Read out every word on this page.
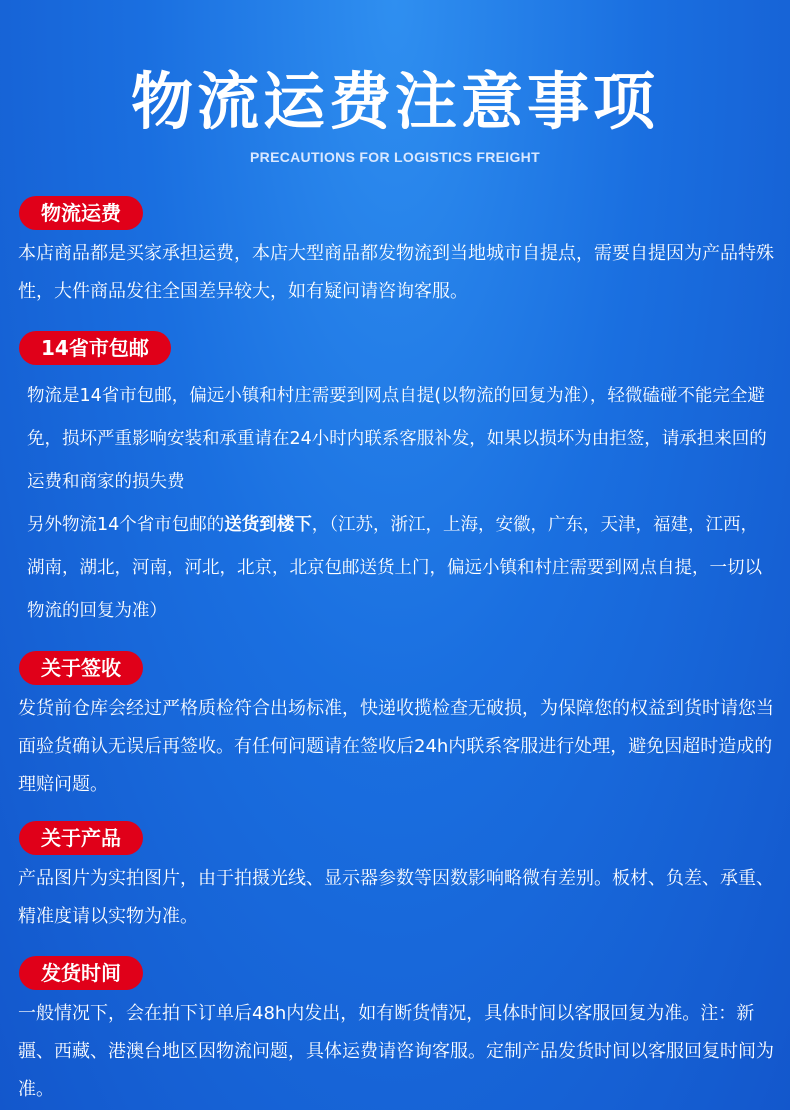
物流运费注意事项
PRECAUTIONS FOR LOGISTICS FREIGHT
物流运费

本店商品都是买家承担运费，本店大型商品都发物流到当地城市自提点，需要自提因为产品特殊性，大件商品发往全国差异较大，如有疑问请咨询客服。

14省市包邮

物流是14省市包邮，偏远小镇和村庄需要到网点自提(以物流的回复为准），轻微磕碰不能完全避免，损坏严重影响安装和承重请在24小时内联系客服补发，如果以损坏为由拒签，请承担来回的运费和商家的损失费

另外物流14个省市包邮的送货到楼下，（江苏，浙江，上海，安徽，广东，天津，福建，江西，湖南，湖北，河南，河北，北京，北京包邮送货上门，偏远小镇和村庄需要到网点自提，一切以物流的回复为准）

关于签收

发货前仓库会经过严格质检符合出场标准，快递收揽检查无破损，为保障您的权益到货时请您当面验货确认无误后再签收。有任何问题请在签收后24h内联系客服进行处理，避免因超时造成的理赔问题。

关于产品

产品图片为实拍图片，由于拍摄光线、显示器参数等因数影响略微有差别。板材、负差、承重、精准度请以实物为准。

发货时间

一般情况下，会在拍下订单后48h内发出，如有断货情况，具体时间以客服回复为准。注：新疆、西藏、港澳台地区因物流问题，具体运费请咨询客服。定制产品发货时间以客服回复时间为准。
